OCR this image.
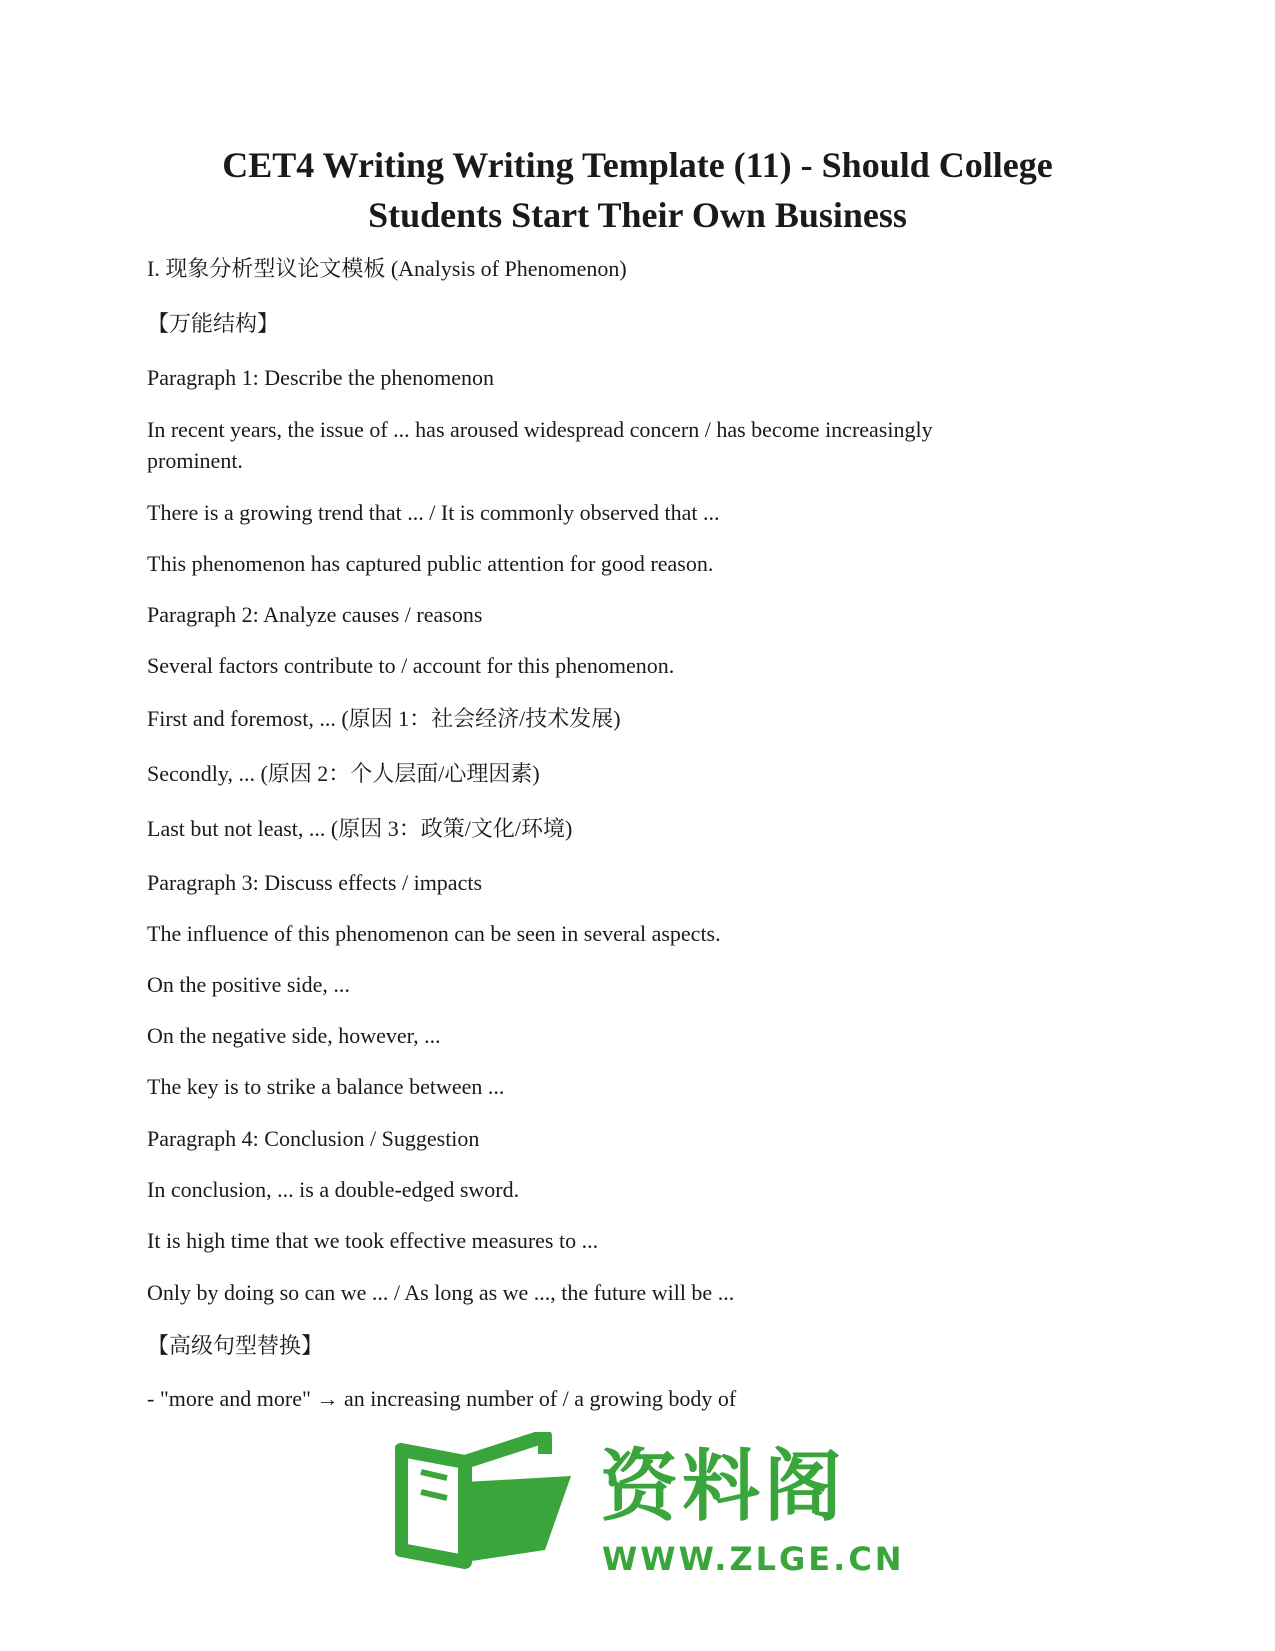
CET4 Writing Writing Template (11) - Should College
Students Start Their Own Business

I. 现象分析型议论文模板 (Analysis of Phenomenon)

【万能结构】

Paragraph 1: Describe the phenomenon

In recent years, the issue of ... has aroused widespread concern / has become increasingly

prominent.

There is a growing trend that ... / It is commonly observed that ...

This phenomenon has captured public attention for good reason.

Paragraph 2: Analyze causes / reasons

Several factors contribute to / account for this phenomenon.

First and foremost, ... (原因 1：社会经济/技术发展)

Secondly, ... (原因 2：个人层面/心理因素)

Last but not least, ... (原因 3：政策/文化/环境)

Paragraph 3: Discuss effects / impacts

The influence of this phenomenon can be seen in several aspects.

On the positive side, ...

On the negative side, however, ...

The key is to strike a balance between ...

Paragraph 4: Conclusion / Suggestion

In conclusion, ... is a double-edged sword.

It is high time that we took effective measures to ...

Only by doing so can we ... / As long as we ..., the future will be ...

【高级句型替换】

- "more and more" → an increasing number of / a growing body of

资料阁
WWW.ZLGE.CN
